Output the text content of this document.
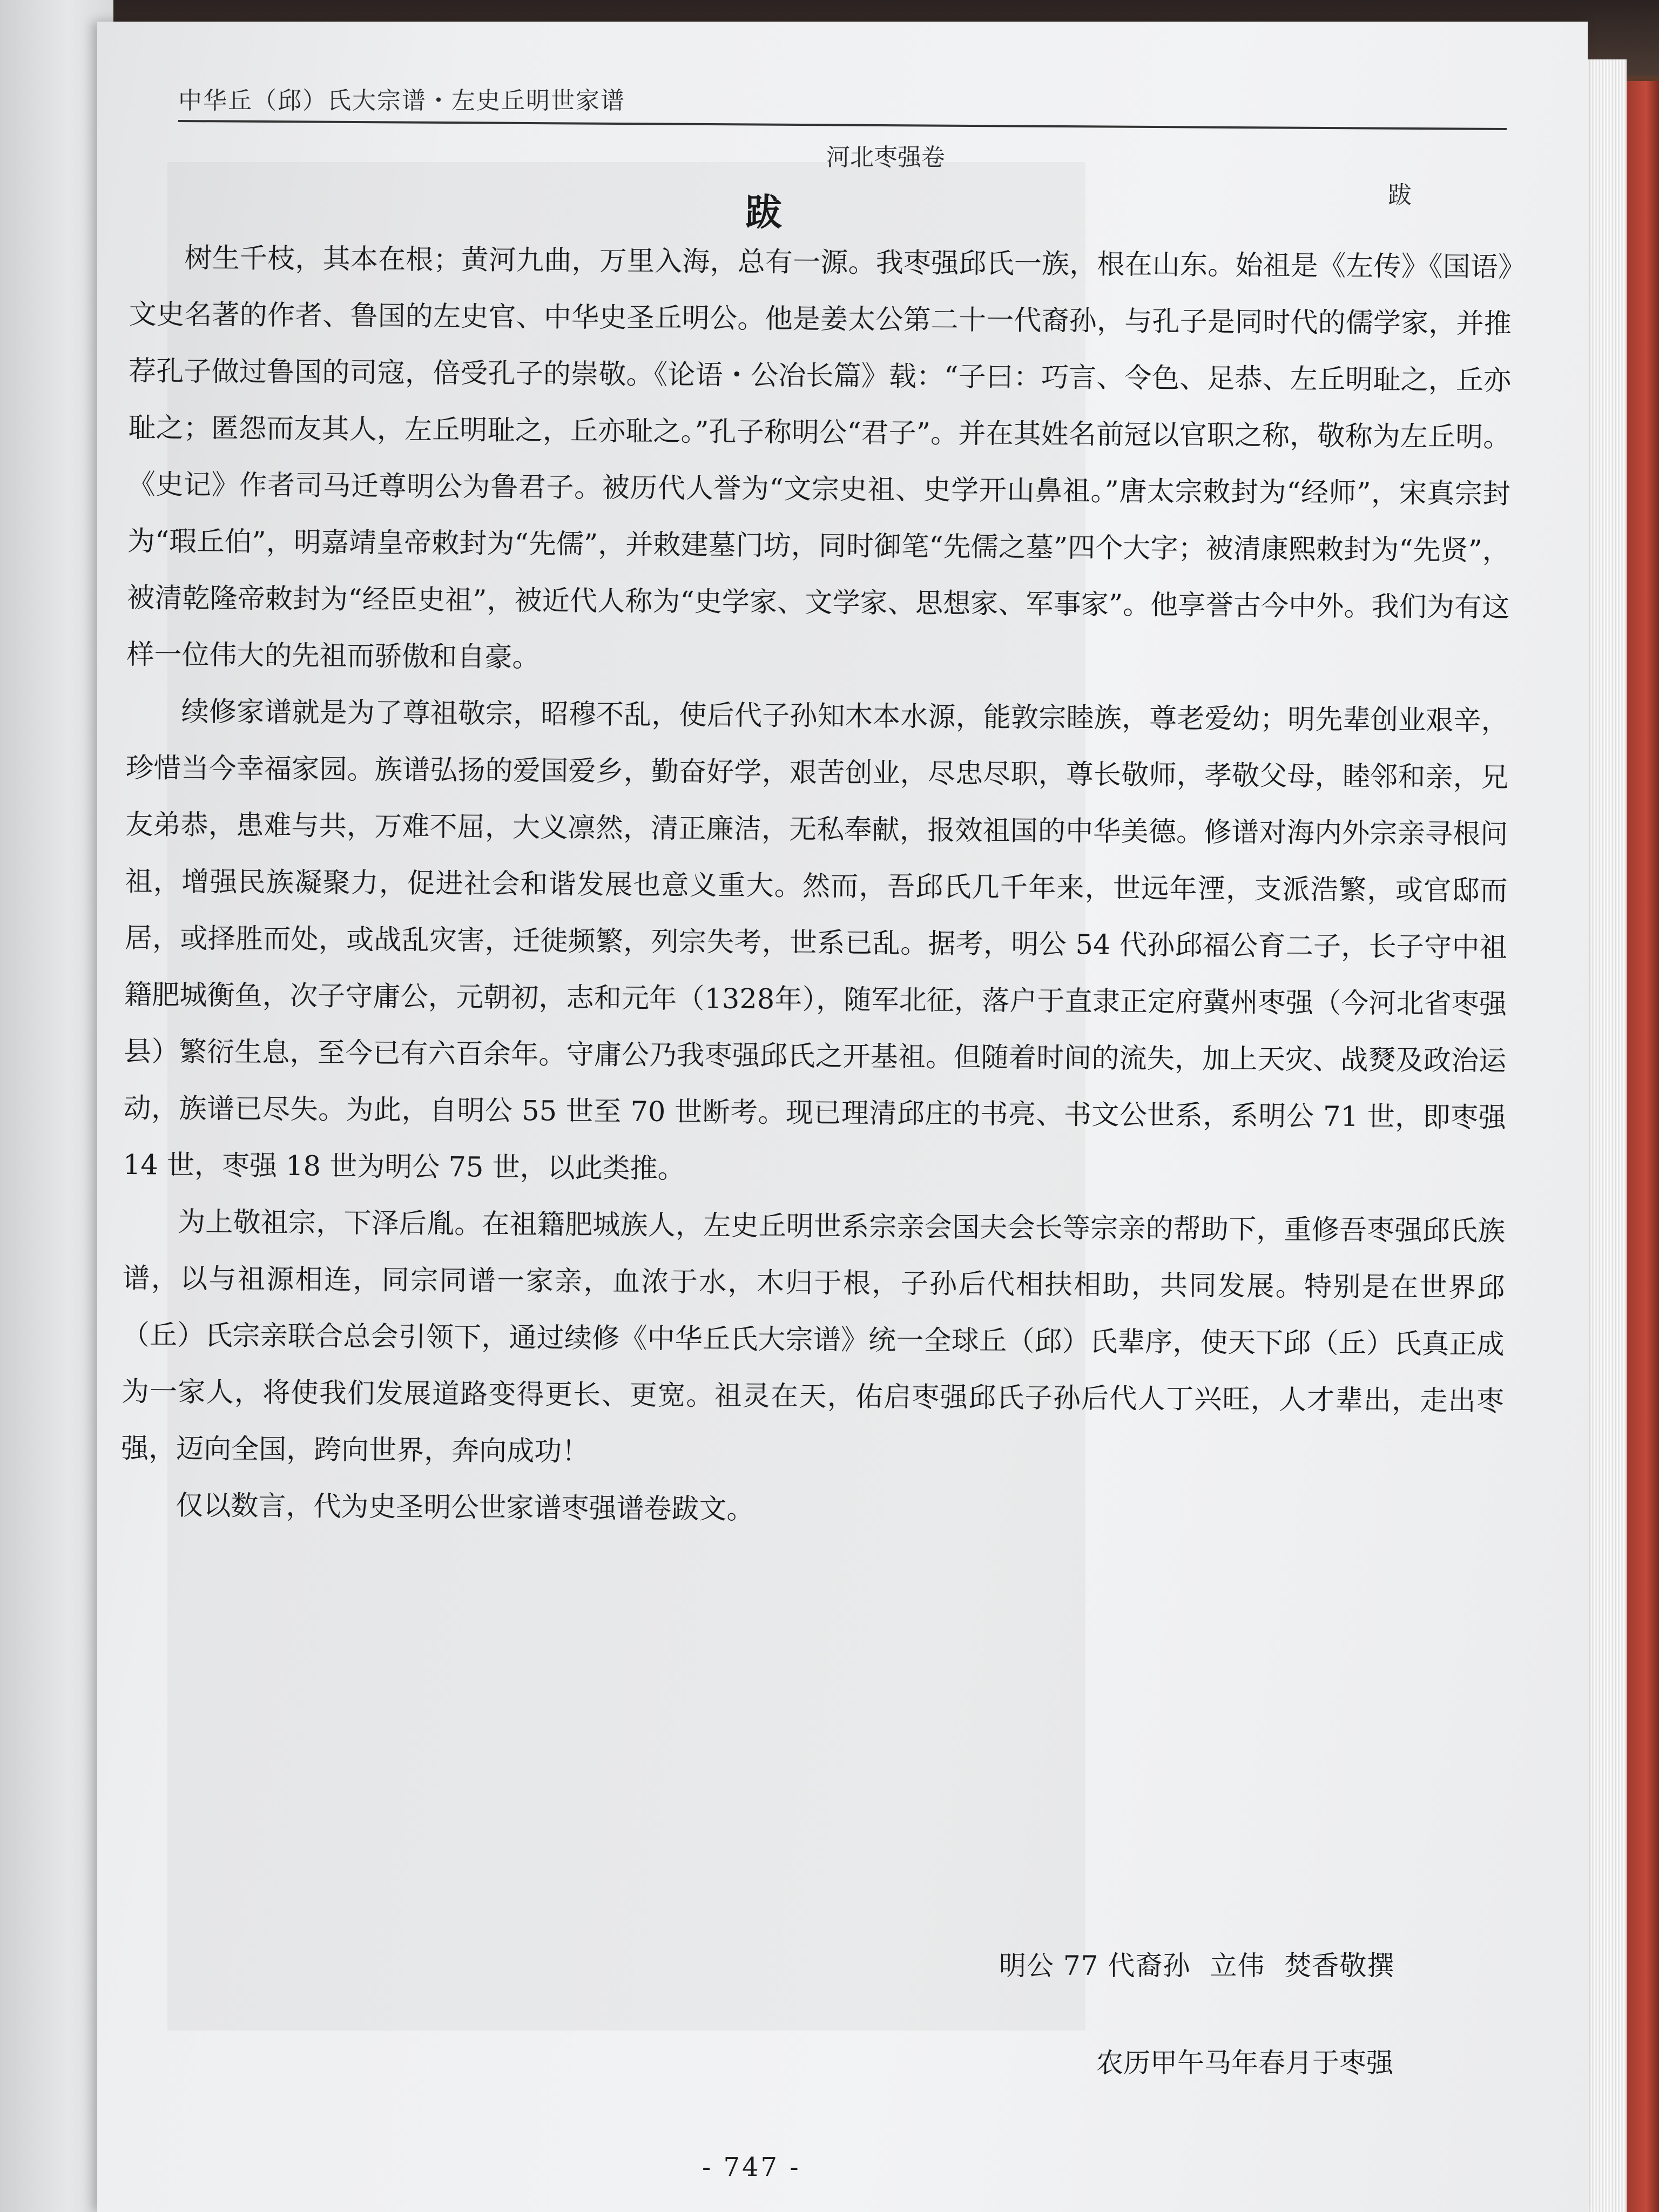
中华丘（邱）氏大宗谱・左史丘明世家谱
河北枣强卷
跋
跋

树生千枝，其本在根；黄河九曲，万里入海，总有一源。我枣强邱氏一族，根在山东。始祖是《左传》《国语》文史名著的作者、鲁国的左史官、中华史圣丘明公。他是姜太公第二十一代裔孙，与孔子是同时代的儒学家，并推荐孔子做过鲁国的司寇，倍受孔子的崇敬。《论语・公冶长篇》载：“子曰：巧言、令色、足恭、左丘明耻之，丘亦耻之；匿怨而友其人，左丘明耻之，丘亦耻之。”孔子称明公“君子”。并在其姓名前冠以官职之称，敬称为左丘明。《史记》作者司马迁尊明公为鲁君子。被历代人誉为“文宗史祖、史学开山鼻祖。”唐太宗敕封为“经师”，宋真宗封为“瑕丘伯”，明嘉靖皇帝敕封为“先儒”，并敕建墓门坊，同时御笔“先儒之墓”四个大字；被清康熙敕封为“先贤”，被清乾隆帝敕封为“经臣史祖”，被近代人称为“史学家、文学家、思想家、军事家”。他享誉古今中外。我们为有这样一位伟大的先祖而骄傲和自豪。

续修家谱就是为了尊祖敬宗，昭穆不乱，使后代子孙知木本水源，能敦宗睦族，尊老爱幼；明先辈创业艰辛，珍惜当今幸福家园。族谱弘扬的爱国爱乡，勤奋好学，艰苦创业，尽忠尽职，尊长敬师，孝敬父母，睦邻和亲，兄友弟恭，患难与共，万难不屈，大义凛然，清正廉洁，无私奉献，报效祖国的中华美德。修谱对海内外宗亲寻根问祖，增强民族凝聚力，促进社会和谐发展也意义重大。然而，吾邱氏几千年来，世远年湮，支派浩繁，或官邸而居，或择胜而处，或战乱灾害，迁徙频繁，列宗失考，世系已乱。据考，明公 54 代孙邱福公育二子，长子守中祖籍肥城衡鱼，次子守庸公，元朝初，志和元年（1328年），随军北征，落户于直隶正定府冀州枣强（今河北省枣强县）繁衍生息，至今已有六百余年。守庸公乃我枣强邱氏之开基祖。但随着时间的流失，加上天灾、战燹及政治运动，族谱已尽失。为此，自明公 55 世至 70 世断考。现已理清邱庄的书亮、书文公世系，系明公 71 世，即枣强 14 世，枣强 18 世为明公 75 世，以此类推。

为上敬祖宗，下泽后胤。在祖籍肥城族人，左史丘明世系宗亲会国夫会长等宗亲的帮助下，重修吾枣强邱氏族谱，以与祖源相连，同宗同谱一家亲，血浓于水，木归于根，子孙后代相扶相助，共同发展。特别是在世界邱（丘）氏宗亲联合总会引领下，通过续修《中华丘氏大宗谱》统一全球丘（邱）氏辈序，使天下邱（丘）氏真正成为一家人，将使我们发展道路变得更长、更宽。祖灵在天，佑启枣强邱氏子孙后代人丁兴旺，人才辈出，走出枣强，迈向全国，跨向世界，奔向成功！

仅以数言，代为史圣明公世家谱枣强谱卷跋文。

明公 77 代裔孙 立伟 焚香敬撰
农历甲午马年春月于枣强
- 747 -
